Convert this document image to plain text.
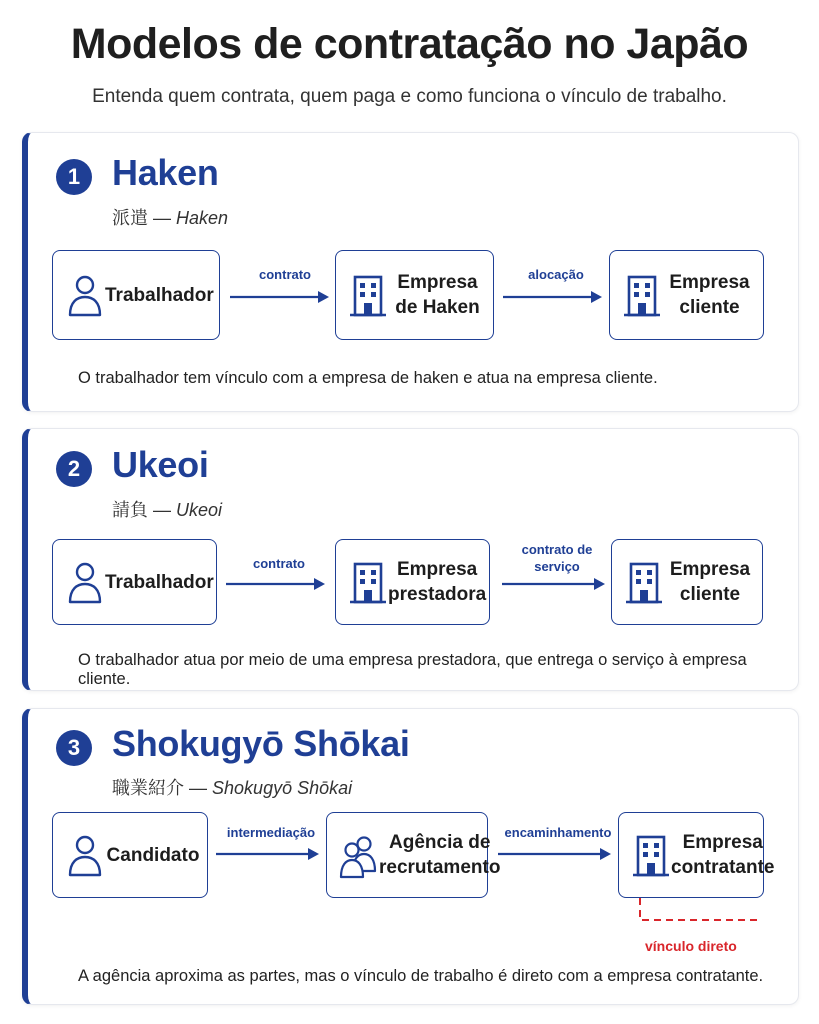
Modelos de contratação no Japão
Entenda quem contrata, quem paga e como funciona o vínculo de trabalho.
1 Haken
派遣 — Haken
Trabalhador
contrato	Empresa de Haken
alocação	Empresa cliente
O trabalhador tem vínculo com a empresa de haken e atua na empresa cliente.
2 Ukeoi
請負 — Ukeoi
Trabalhador
contrato	Empresa prestadora
contrato de serviço	Empresa cliente
O trabalhador atua por meio de uma empresa prestadora, que entrega o serviço à empresa cliente.
3 Shokugyō Shōkai
職業紹介 — Shokugyō Shōkai
Candidato
intermediação	Agência de recrutamento
encaminhamento	Empresa contratante
vínculo direto
A agência aproxima as partes, mas o vínculo de trabalho é direto com a empresa contratante.
